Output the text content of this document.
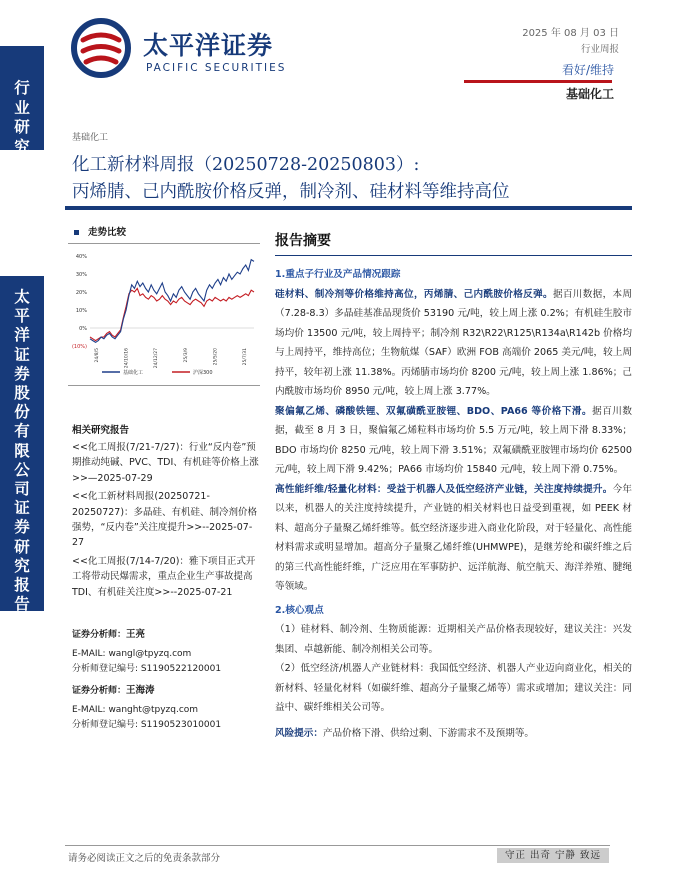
行业研究
太平洋证券股份有限公司证券研究报告
太平洋证券
PACIFIC SECURITIES
2025 年 08 月 03 日
行业周报
看好/维持
基础化工
基础化工
化工新材料周报（20250728-20250803）:
丙烯腈、己内酰胺价格反弹，制冷剂、硅材料等维持高位
走势比较
40%
30%
20%
10%
0%
(10%)
24/8/5	24/10/16	24/12/27	25/3/9	25/5/20	25/7/31
基础化工	沪深300
相关研究报告
<<化工周报(7/21-7/27)：行业“反内卷”预期推动纯碱、PVC、TDI、有机硅等价格上涨>>—2025-07-29
<<化工新材料周报(20250721-20250727)：多晶硅、有机硅、制冷剂价格强势，“反内卷”关注度提升>>--2025-07-27
<<化工周报(7/14-7/20)：雅下项目正式开工将带动民爆需求，重点企业生产事故提高TDI、有机硅关注度>>--2025-07-21
证券分析师：王亮
E-MAIL: wangl@tpyzq.com
分析师登记编号: S1190522120001
证券分析师：王海涛
E-MAIL: wanght@tpyzq.com
分析师登记编号: S1190523010001
报告摘要

1.重点子行业及产品情况跟踪

硅材料、制冷剂等价格维持高位，丙烯腈、己内酰胺价格反弹。据百川数据，本周（7.28-8.3）多晶硅基准品现货价 53190 元/吨，较上周上涨 0.2%；有机硅生胶市场均价 13500 元/吨，较上周持平；制冷剂 R32\R22\R125\R134a\R142b 价格均与上周持平，维持高位；生物航煤（SAF）欧洲 FOB 高端价 2065 美元/吨，较上周持平，较年初上涨 11.38%。丙烯腈市场均价 8200 元/吨，较上周上涨 1.86%；己内酰胺市场均价 8950 元/吨，较上周上涨 3.77%。

聚偏氟乙烯、磷酸铁锂、双氟磺酰亚胺锂、BDO、PA66 等价格下滑。据百川数据，截至 8 月 3 日，聚偏氟乙烯粒料市场均价 5.5 万元/吨，较上周下滑 8.33%； BDO 市场均价 8250 元/吨，较上周下滑 3.51%；双氟磺酰亚胺锂市场均价 62500 元/吨，较上周下滑 9.42%；PA66 市场均价 15840 元/吨，较上周下滑 0.75%。

高性能纤维/轻量化材料：受益于机器人及低空经济产业链，关注度持续提升。今年以来，机器人的关注度持续提升，产业链的相关材料也日益受到重视，如 PEEK 材料、超高分子量聚乙烯纤维等。低空经济逐步进入商业化阶段，对于轻量化、高性能材料需求或明显增加。超高分子量聚乙烯纤维(UHMWPE)，是继芳纶和碳纤维之后的第三代高性能纤维，广泛应用在军事防护、远洋航海、航空航天、海洋养殖、腱绳等领域。

2.核心观点

（1）硅材料、制冷剂、生物质能源：近期相关产品价格表现较好，建议关注：兴发集团、卓越新能、制冷剂相关公司等。

（2）低空经济/机器人产业链材料：我国低空经济、机器人产业迈向商业化，相关的新材料、轻量化材料（如碳纤维、超高分子量聚乙烯等）需求或增加；建议关注：同益中、碳纤维相关公司等。

风险提示：产品价格下滑、供给过剩、下游需求不及预期等。

请务必阅读正文之后的免责条款部分	守正 出奇 宁静 致远
